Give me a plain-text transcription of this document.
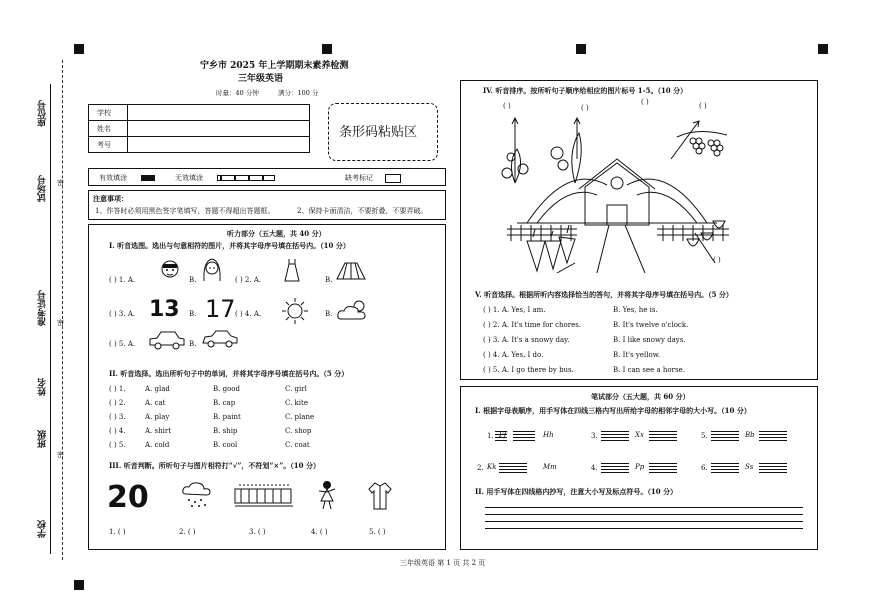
座位号
试场号
准考证号
姓名
班级
学校
密
密
密
宁乡市 2025 年上学期期末素养检测
三年级英语
时量：40 分钟	满分：100 分
学校	
姓名	
考号	
条形码粘贴区
有效填涂	无效填涂	缺考标记
注意事项：
1、作答时必须用黑色签字笔填写，答题不得超出答题框。	2、保持卡面清洁，不要折叠，不要弄破。
听力部分（五大题，共 40 分）
I. 听音选图。选出与句意相符的图片，并将其字母序号填在括号内。（10 分）
( ) 1. A.	B.	( ) 2. A.	B.
( ) 3. A. 13 B. 17 ( ) 4. A.	B.
( ) 5. A.	B.
II. 听音选择。选出所听句子中的单词，并将其字母序号填在括号内。（5 分）
( ) 1.	A. glad	B. good	C. girl
( ) 2.	A. cat	B. cap	C. kite
( ) 3.	A. play	B. paint	C. plane
( ) 4.	A. shirt	B. ship	C. shop
( ) 5.	A. cold	B. cool	C. coat
III. 听音判断。所听句子与图片相符打“√”，不符划“×”。（10 分）
20
1. ( )	2. ( )	3. ( )	4. ( )	5. ( )
IV. 听音排序。按所听句子顺序给相应的图片标号 1-5。（10 分）
( )	( )
( )	( )
( )
V. 听音选择。根据所听内容选择恰当的答句，并将其字母序号填在括号内。（5 分）
( ) 1. A. Yes, I am.	B. Yes, he is.
( ) 2. A. It's time for chores.	B. It's twelve o'clock.
( ) 3. A. It's a snowy day.	B. I like snowy days.
( ) 4. A. Yes, I do.	B. It's yellow.
( ) 5. A. I go there by bus.	B. I can see a horse.
笔试部分（五大题，共 60 分）
I. 根据字母表顺序，用手写体在四线三格内写出所给字母的相邻字母的大小写。（10 分）
1. Ff	Hh	3.	Xx	5.	Bb
2. Kk	Mm	4.	Pp	6.	Ss
II. 用手写体在四线格内抄写，注意大小写及标点符号。（10 分）
三年级英语 第 1 页 共 2 页
